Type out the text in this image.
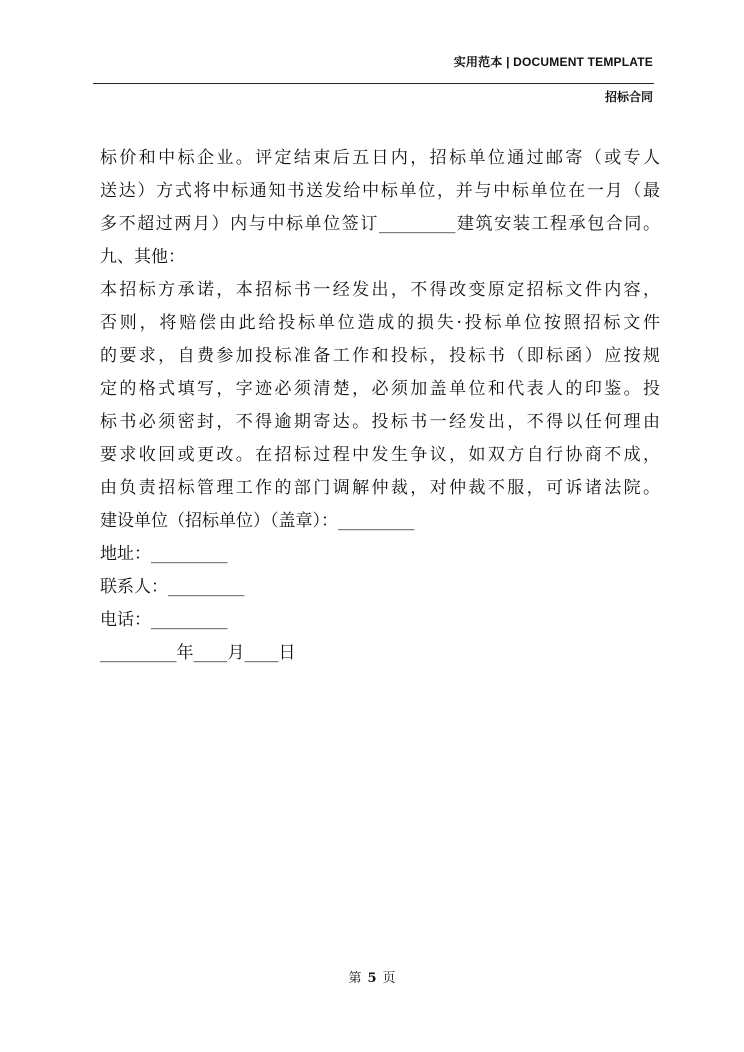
实用范本 | DOCUMENT TEMPLATE
招标合同
标价和中标企业。评定结束后五日内，招标单位通过邮寄（或专人
送达）方式将中标通知书送发给中标单位，并与中标单位在一月（最
多不超过两月）内与中标单位签订_________建筑安装工程承包合同。
九、其他：
本招标方承诺，本招标书一经发出，不得改变原定招标文件内容，
否则，将赔偿由此给投标单位造成的损失·投标单位按照招标文件
的要求，自费参加投标准备工作和投标，投标书（即标函）应按规
定的格式填写，字迹必须清楚，必须加盖单位和代表人的印鉴。投
标书必须密封，不得逾期寄达。投标书一经发出，不得以任何理由
要求收回或更改。在招标过程中发生争议，如双方自行协商不成，
由负责招标管理工作的部门调解仲裁，对仲裁不服，可诉诸法院。
建设单位（招标单位）（盖章）：_________
地址：_________
联系人：_________
电话：_________
_________年____月____日
第 5 页
